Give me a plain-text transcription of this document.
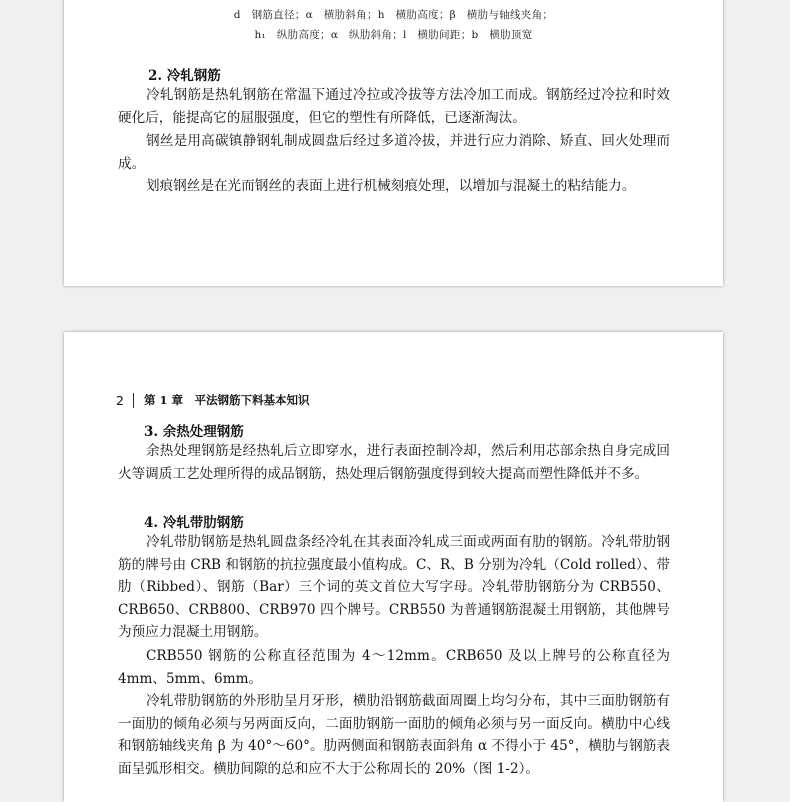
d　钢筋直径；α　横肋斜角；h　横肋高度；β　横肋与轴线夹角；
h₁　纵肋高度；α　纵肋斜角；l　横肋间距；b　横肋顶宽
2. 冷轧钢筋

冷轧钢筋是热轧钢筋在常温下通过冷拉或冷拔等方法冷加工而成。钢筋经过冷拉和时效硬化后，能提高它的屈服强度，但它的塑性有所降低，已逐渐淘汰。

钢丝是用高碳镇静钢轧制成圆盘后经过多道冷拔，并进行应力消除、矫直、回火处理而成。

划痕钢丝是在光而钢丝的表面上进行机械刻痕处理，以增加与混凝土的粘结能力。

2 第 1 章　平法钢筋下料基本知识
3. 余热处理钢筋

余热处理钢筋是经热轧后立即穿水，进行表面控制冷却，然后利用芯部余热自身完成回火等调质工艺处理所得的成品钢筋，热处理后钢筋强度得到较大提高而塑性降低并不多。

4. 冷轧带肋钢筋

冷轧带肋钢筋是热轧圆盘条经冷轧在其表面冷轧成三面或两面有肋的钢筋。冷轧带肋钢筋的牌号由 CRB 和钢筋的抗拉强度最小值构成。C、R、B 分别为冷轧（Cold rolled）、带肋（Ribbed）、钢筋（Bar）三个词的英文首位大写字母。冷轧带肋钢筋分为 CRB550、CRB650、CRB800、CRB970 四个牌号。CRB550 为普通钢筋混凝土用钢筋，其他牌号为预应力混凝土用钢筋。

CRB550 钢筋的公称直径范围为 4～12mm。CRB650 及以上牌号的公称直径为 4mm、5mm、6mm。

冷轧带肋钢筋的外形肋呈月牙形，横肋沿钢筋截面周圈上均匀分布，其中三面肋钢筋有一面肋的倾角必须与另两面反向，二面肋钢筋一面肋的倾角必须与另一面反向。横肋中心线和钢筋轴线夹角 β 为 40°～60°。肋两侧面和钢筋表面斜角 α 不得小于 45°，横肋与钢筋表面呈弧形相交。横肋间隙的总和应不大于公称周长的 20%（图 1-2）。
